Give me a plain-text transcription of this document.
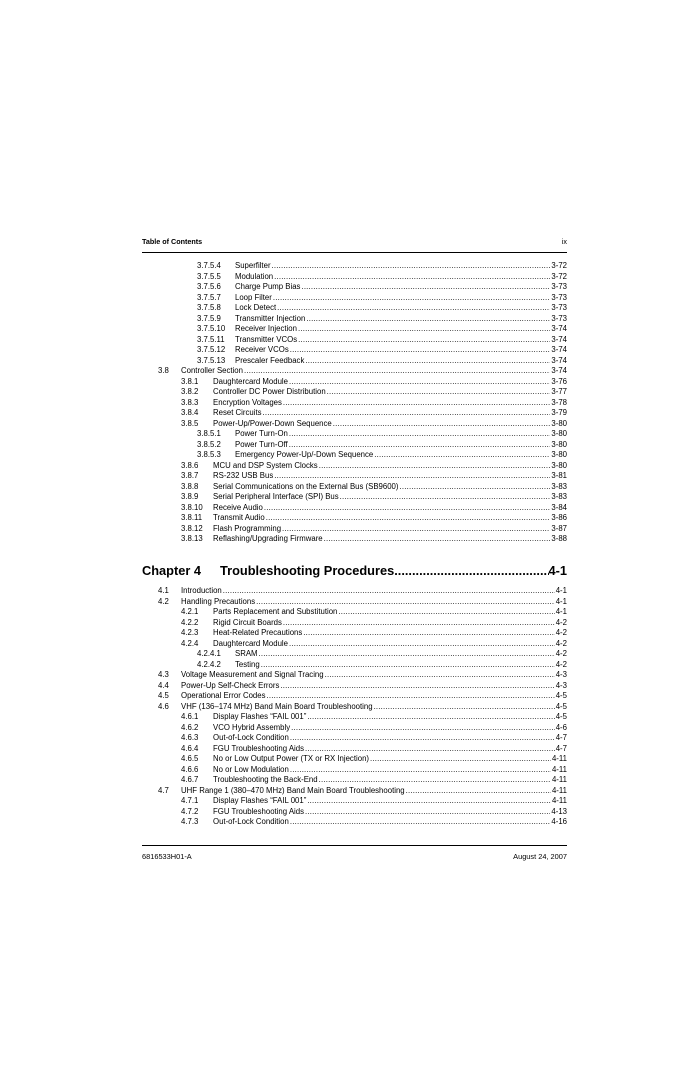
Table of Contents	ix
3.7.5.4 Superfilter .....	3-72
3.7.5.5 Modulation .....	3-72
3.7.5.6 Charge Pump Bias .....	3-73
3.7.5.7 Loop Filter .....	3-73
3.7.5.8 Lock Detect .....	3-73
3.7.5.9 Transmitter Injection .....	3-73
3.7.5.10 Receiver Injection .....	3-74
3.7.5.11 Transmitter VCOs .....	3-74
3.7.5.12 Receiver VCOs .....	3-74
3.7.5.13 Prescaler Feedback .....	3-74
3.8 Controller Section .....	3-74
3.8.1 Daughtercard Module .....	3-76
3.8.2 Controller DC Power Distribution .....	3-77
3.8.3 Encryption Voltages .....	3-78
3.8.4 Reset Circuits .....	3-79
3.8.5 Power-Up/Power-Down Sequence .....	3-80
3.8.5.1 Power Turn-On .....	3-80
3.8.5.2 Power Turn-Off .....	3-80
3.8.5.3 Emergency Power-Up/-Down Sequence .....	3-80
3.8.6 MCU and DSP System Clocks .....	3-80
3.8.7 RS-232 USB Bus .....	3-81
3.8.8 Serial Communications on the External Bus (SB9600) .....	3-83
3.8.9 Serial Peripheral Interface (SPI) Bus .....	3-83
3.8.10 Receive Audio .....	3-84
3.8.11 Transmit Audio .....	3-86
3.8.12 Flash Programming .....	3-87
3.8.13 Reflashing/Upgrading Firmware .....	3-88
Chapter 4 Troubleshooting Procedures .....	4-1
4.1 Introduction .....	4-1
4.2 Handling Precautions .....	4-1
4.2.1 Parts Replacement and Substitution .....	4-1
4.2.2 Rigid Circuit Boards .....	4-2
4.2.3 Heat-Related Precautions .....	4-2
4.2.4 Daughtercard Module .....	4-2
4.2.4.1 SRAM .....	4-2
4.2.4.2 Testing .....	4-2
4.3 Voltage Measurement and Signal Tracing .....	4-3
4.4 Power-Up Self-Check Errors .....	4-3
4.5 Operational Error Codes .....	4-5
4.6 VHF (136–174 MHz) Band Main Board Troubleshooting .....	4-5
4.6.1 Display Flashes “FAIL 001” .....	4-5
4.6.2 VCO Hybrid Assembly .....	4-6
4.6.3 Out-of-Lock Condition .....	4-7
4.6.4 FGU Troubleshooting Aids .....	4-7
4.6.5 No or Low Output Power (TX or RX Injection) .....	4-11
4.6.6 No or Low Modulation .....	4-11
4.6.7 Troubleshooting the Back-End .....	4-11
4.7 UHF Range 1 (380–470 MHz) Band Main Board Troubleshooting .....	4-11
4.7.1 Display Flashes “FAIL 001” .....	4-11
4.7.2 FGU Troubleshooting Aids .....	4-13
4.7.3 Out-of-Lock Condition .....	4-16
6816533H01-A	August 24, 2007
